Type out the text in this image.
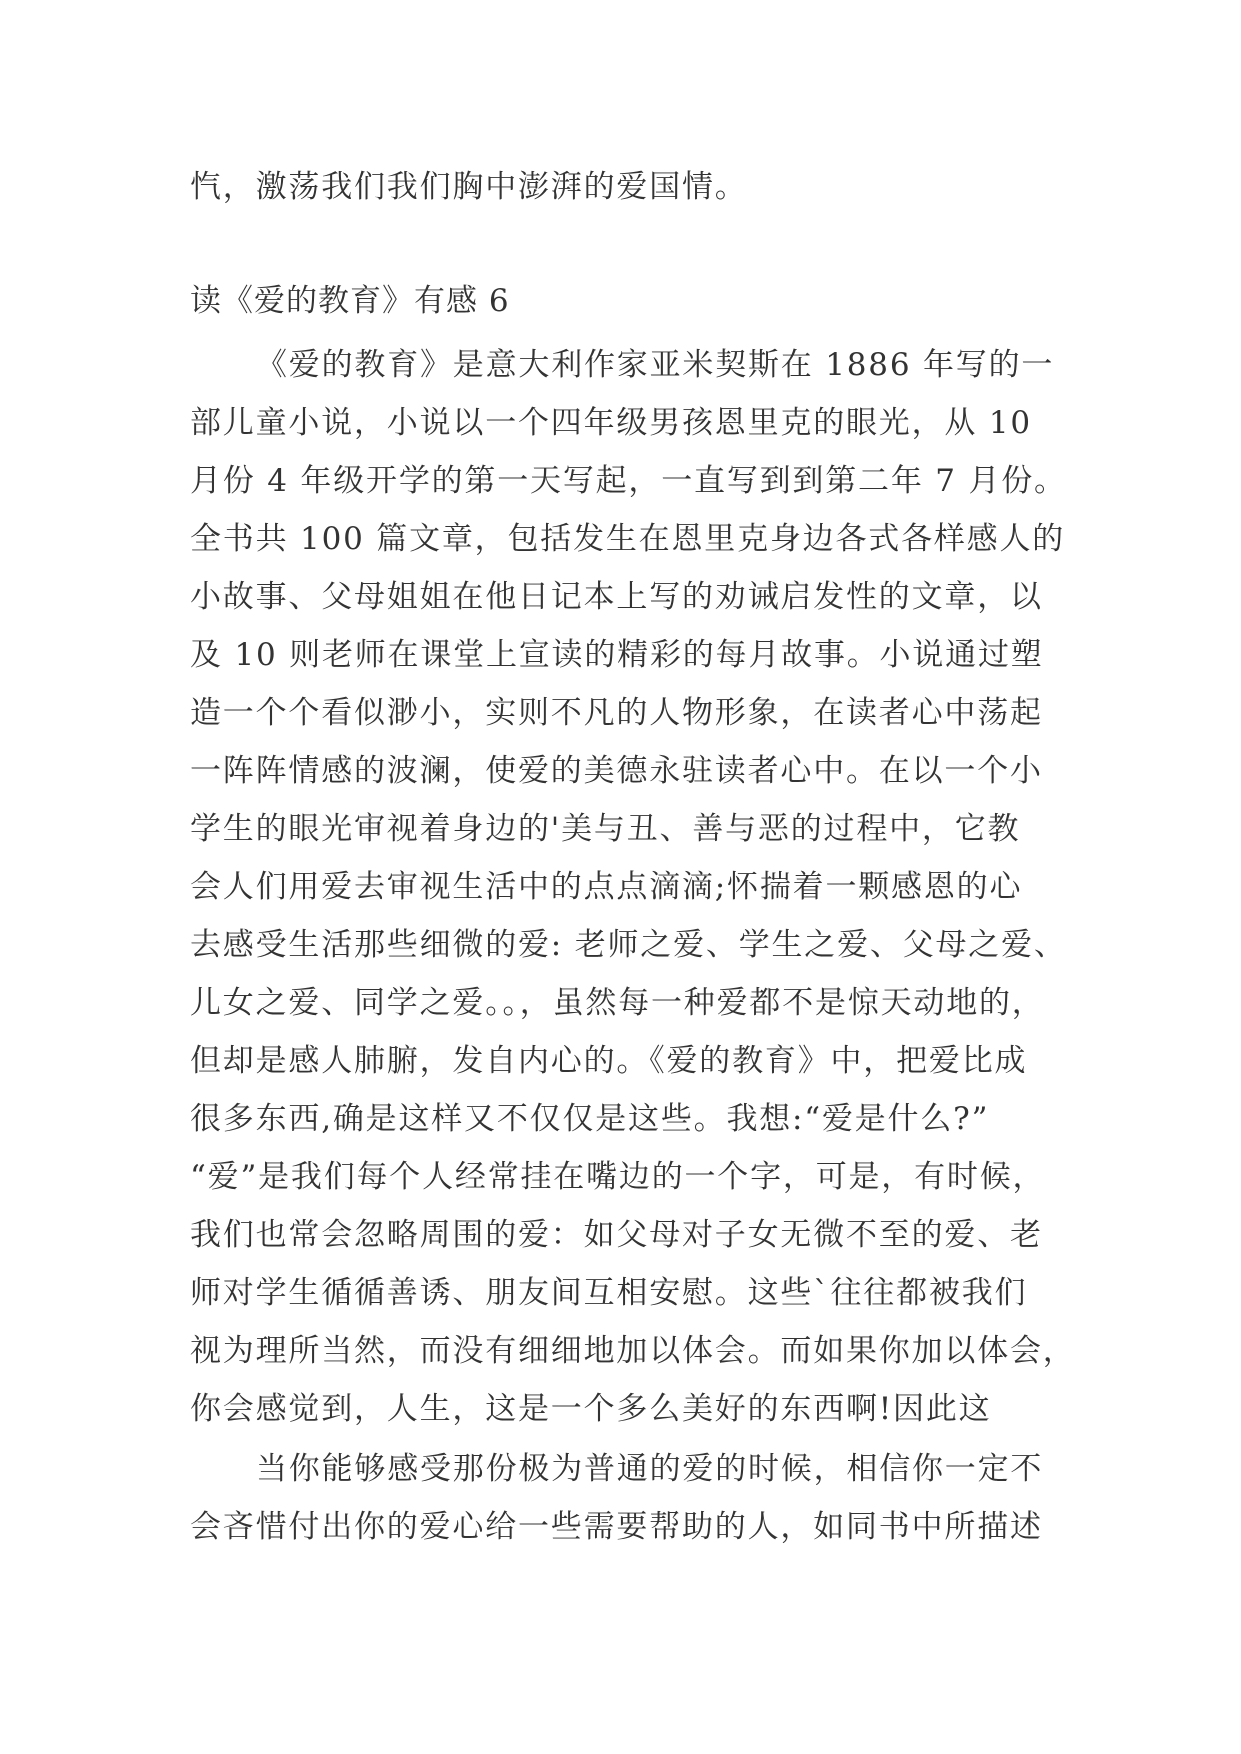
忾，激荡我们我们胸中澎湃的爱国情。
读《爱的教育》有感 6
《爱的教育》是意大利作家亚米契斯在 1886 年写的一
部儿童小说，小说以一个四年级男孩恩里克的眼光，从 10
月份 4 年级开学的第一天写起，一直写到到第二年 7 月份。
全书共 100 篇文章，包括发生在恩里克身边各式各样感人的
小故事、父母姐姐在他日记本上写的劝诫启发性的文章，以
及 10 则老师在课堂上宣读的精彩的每月故事。小说通过塑
造一个个看似渺小，实则不凡的人物形象，在读者心中荡起
一阵阵情感的波澜，使爱的美德永驻读者心中。在以一个小
学生的眼光审视着身边的'美与丑、善与恶的过程中，它教
会人们用爱去审视生活中的点点滴滴;怀揣着一颗感恩的心
去感受生活那些细微的爱: 老师之爱、学生之爱、父母之爱、
儿女之爱、同学之爱。。，虽然每一种爱都不是惊天动地的，
但却是感人肺腑，发自内心的。《爱的教育》中，把爱比成
很多东西,确是这样又不仅仅是这些。我想:“爱是什么?”
“爱”是我们每个人经常挂在嘴边的一个字，可是，有时候，
我们也常会忽略周围的爱：如父母对子女无微不至的爱、老
师对学生循循善诱、朋友间互相安慰。这些`往往都被我们
视为理所当然，而没有细细地加以体会。而如果你加以体会，
你会感觉到，人生，这是一个多么美好的东西啊!因此这
当你能够感受那份极为普通的爱的时候，相信你一定不
会吝惜付出你的爱心给一些需要帮助的人，如同书中所描述
